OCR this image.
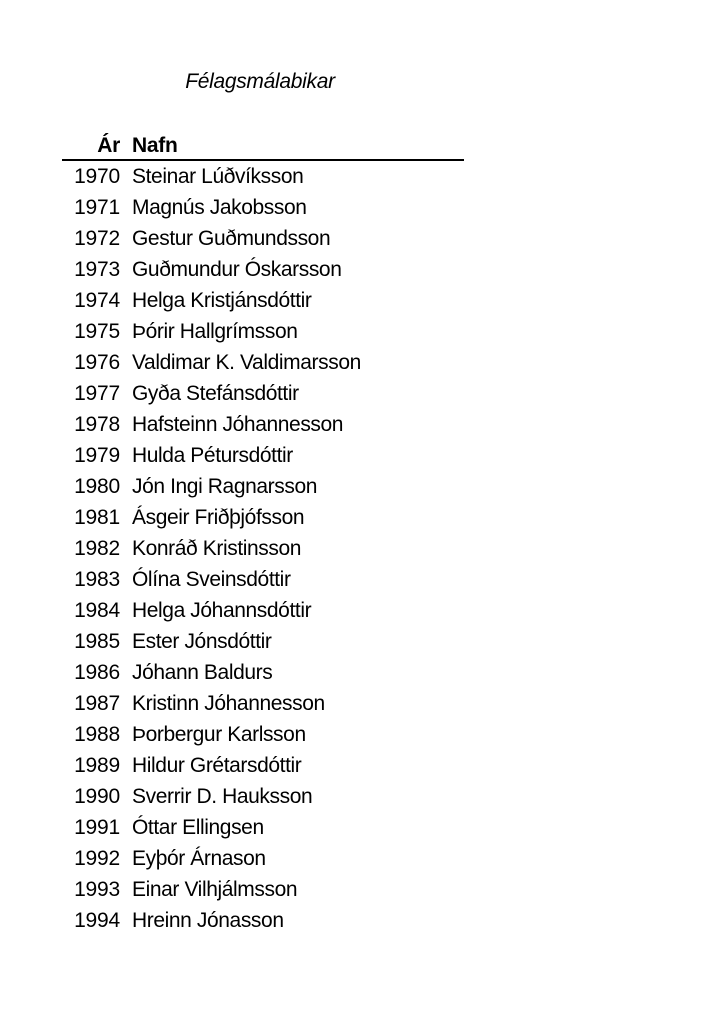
Félagsmálabikar
Ár Nafn
1970 Steinar Lúðvíksson
1971 Magnús Jakobsson
1972 Gestur Guðmundsson
1973 Guðmundur Óskarsson
1974 Helga Kristjánsdóttir
1975 Þórir Hallgrímsson
1976 Valdimar K. Valdimarsson
1977 Gyða Stefánsdóttir
1978 Hafsteinn Jóhannesson
1979 Hulda Pétursdóttir
1980 Jón Ingi Ragnarsson
1981 Ásgeir Friðþjófsson
1982 Konráð Kristinsson
1983 Ólína Sveinsdóttir
1984 Helga Jóhannsdóttir
1985 Ester Jónsdóttir
1986 Jóhann Baldurs
1987 Kristinn Jóhannesson
1988 Þorbergur Karlsson
1989 Hildur Grétarsdóttir
1990 Sverrir D. Hauksson
1991 Óttar Ellingsen
1992 Eyþór Árnason
1993 Einar Vilhjálmsson
1994 Hreinn Jónasson
